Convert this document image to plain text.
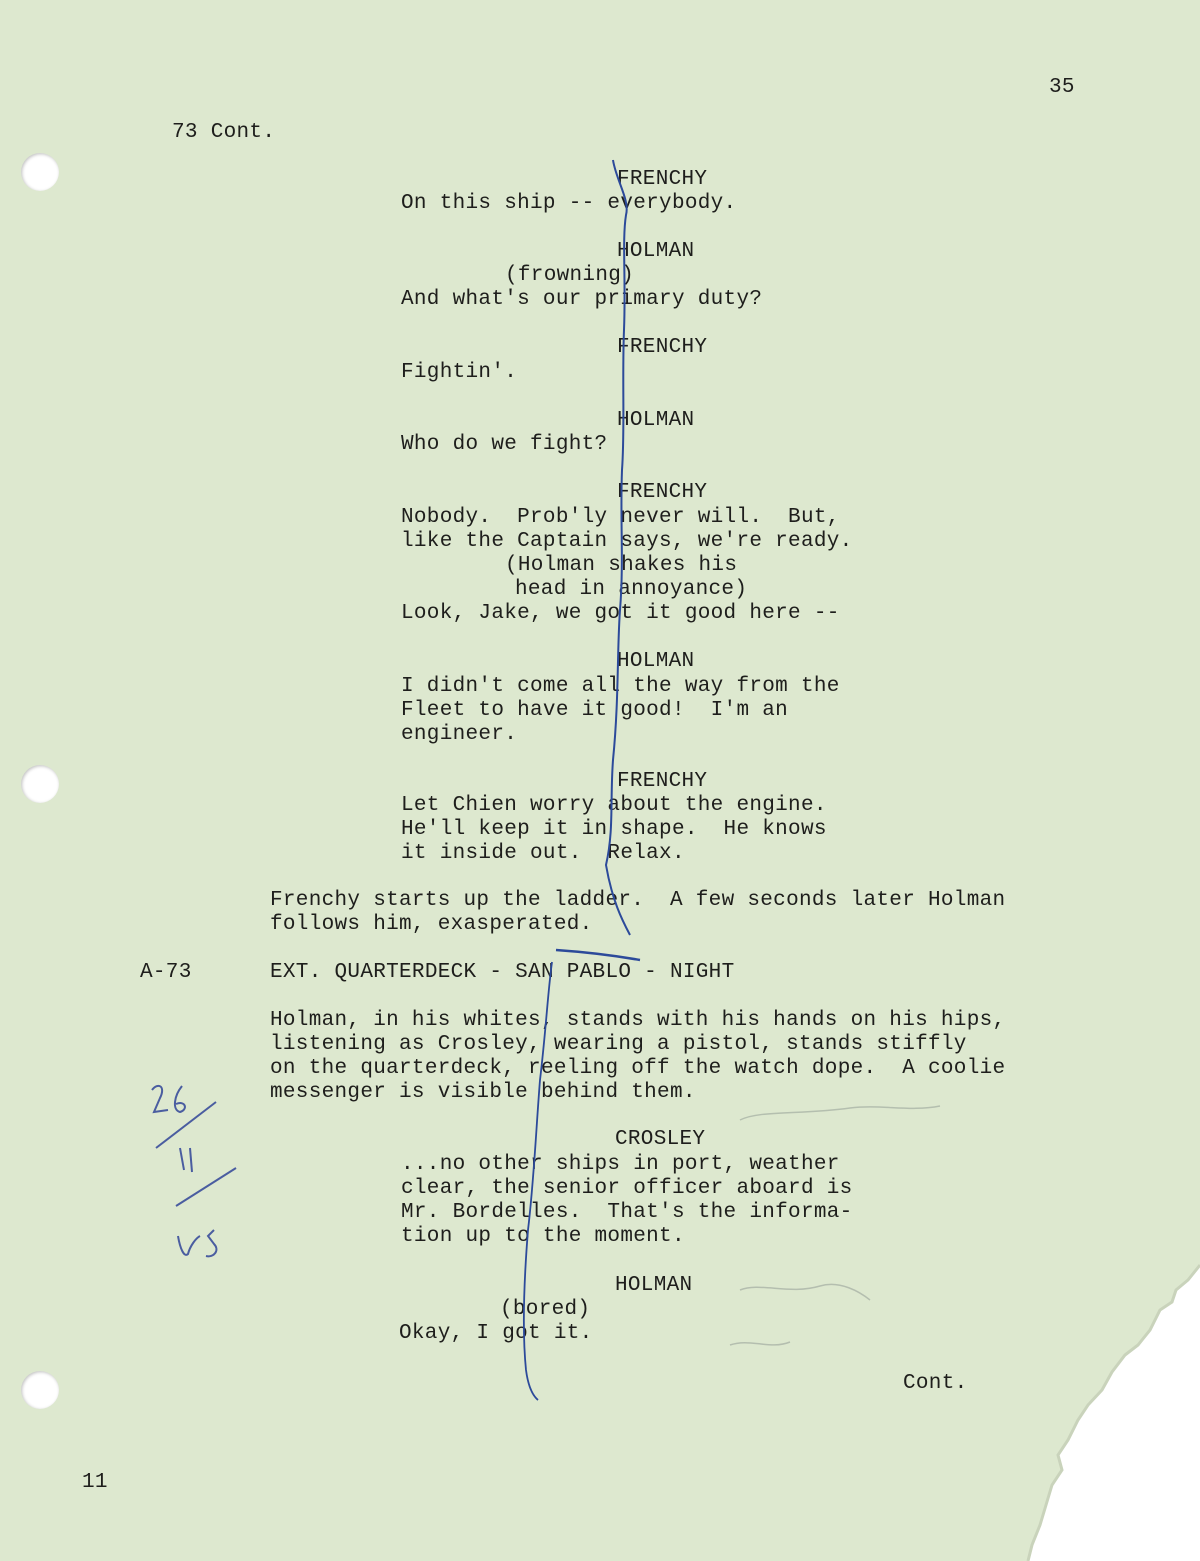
35
73 Cont.
FRENCHY
On this ship -- everybody.
HOLMAN
(frowning)
And what's our primary duty?
FRENCHY
Fightin'.
HOLMAN
Who do we fight?
FRENCHY
Nobody.  Prob'ly never will.  But,
like the Captain says, we're ready.
(Holman shakes his
head in annoyance)
Look, Jake, we got it good here --
HOLMAN
I didn't come all the way from the
Fleet to have it good!  I'm an
engineer.
FRENCHY
Let Chien worry about the engine.
He'll keep it in shape.  He knows
it inside out.  Relax.
Frenchy starts up the ladder.  A few seconds later Holman
follows him, exasperated.
A-73	EXT. QUARTERDECK - SAN PABLO - NIGHT
Holman, in his whites, stands with his hands on his hips,
listening as Crosley, wearing a pistol, stands stiffly
on the quarterdeck, reeling off the watch dope.  A coolie
messenger is visible behind them.
CROSLEY
...no other ships in port, weather
clear, the senior officer aboard is
Mr. Bordelles.  That's the informa-
tion up to the moment.
HOLMAN
(bored)
Okay, I got it.
Cont.
11
